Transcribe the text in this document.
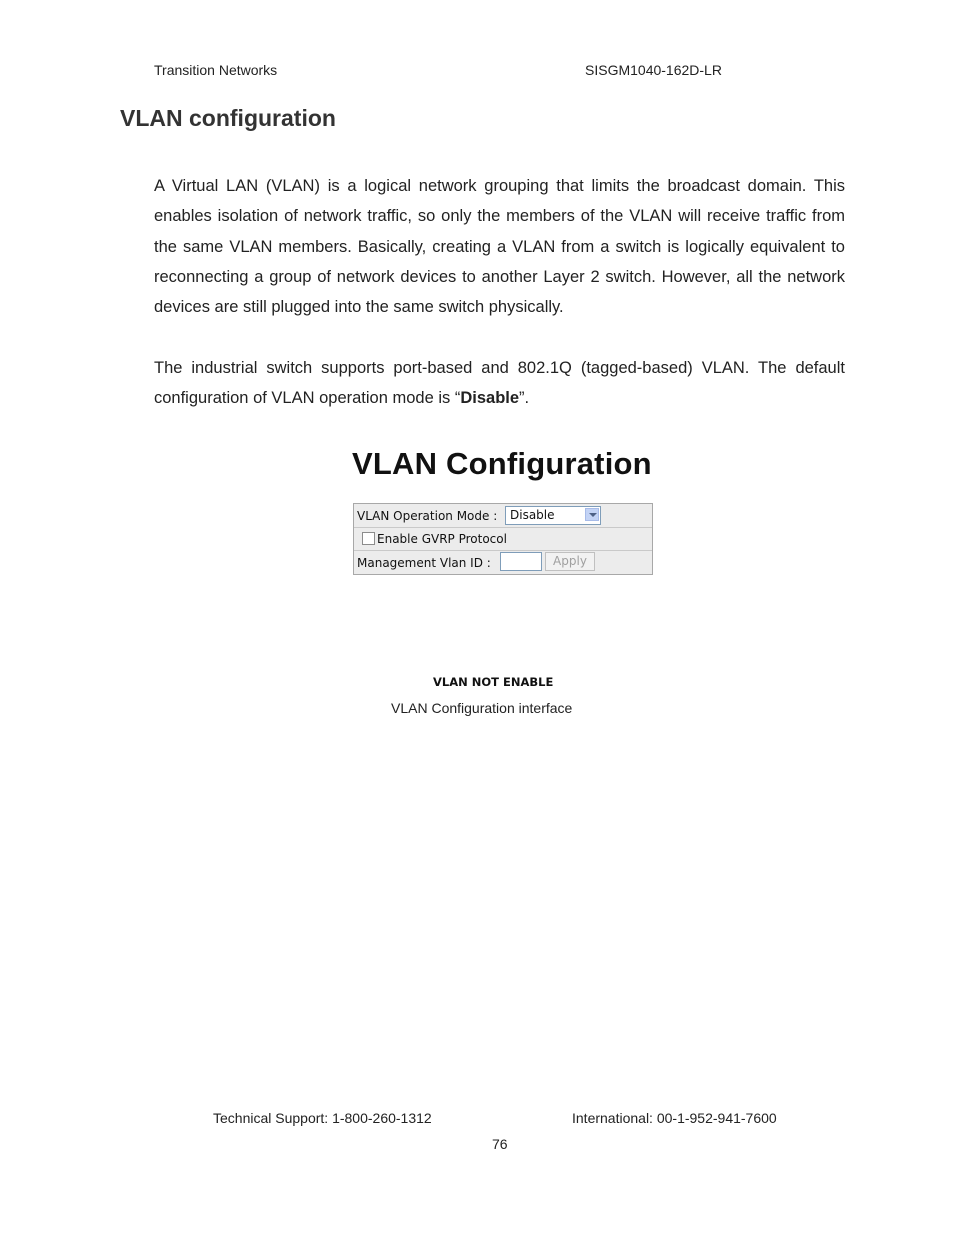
Transition Networks	SISGM1040-162D-LR
VLAN configuration

A Virtual LAN (VLAN) is a logical network grouping that limits the broadcast domain. This enables isolation of network traffic, so only the members of the VLAN will receive traffic from the same VLAN members. Basically, creating a VLAN from a switch is logically equivalent to reconnecting a group of network devices to another Layer 2 switch. However, all the network devices are still plugged into the same switch physically.

The industrial switch supports port-based and 802.1Q (tagged-based) VLAN. The default configuration of VLAN operation mode is “Disable”.

VLAN Configuration
VLAN Operation Mode : Disable
Enable GVRP Protocol
Management Vlan ID :	Apply
VLAN NOT ENABLE
VLAN Configuration interface
Technical Support: 1-800-260-1312	International: 00-1-952-941-7600
76
